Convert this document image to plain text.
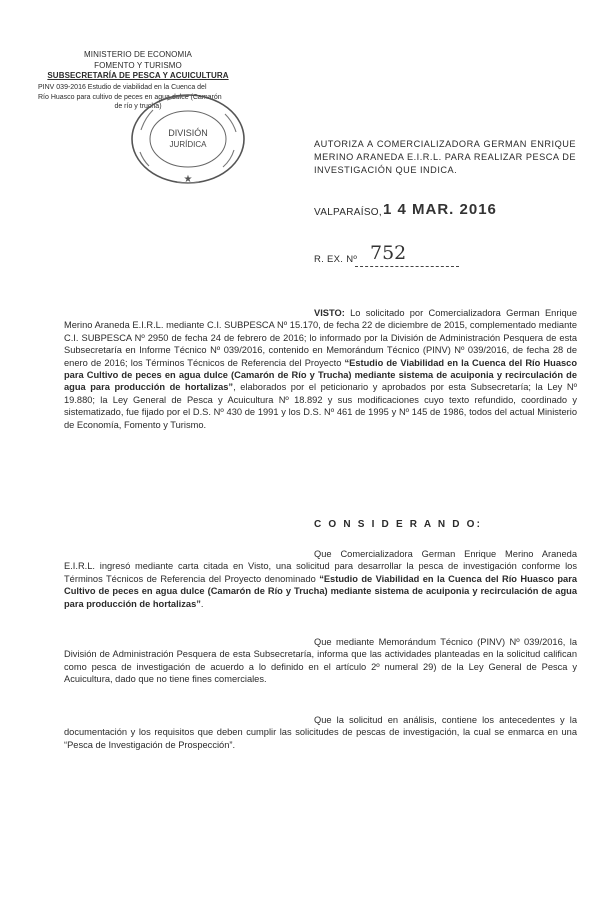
MINISTERIO DE ECONOMIA
FOMENTO Y TURISMO
SUBSECRETARÍA DE PESCA Y ACUICULTURA
PINV 039-2016 Estudio de viabilidad en la Cuenca del
Río Huasco para cultivo de peces en agua dulce (Camarón
de río y trucha)
★
DIVISIÓN
JURÍDICA	AUTORIZA A COMERCIALIZADORA GERMAN ENRIQUE MERINO ARANEDA E.I.R.L. PARA REALIZAR PESCA DE INVESTIGACIÓN QUE INDICA.
VALPARAÍSO, 1 4 MAR. 2016
R. EX. Nº 752
VISTO: Lo solicitado por Comercializadora German Enrique Merino Araneda E.I.R.L. mediante C.I. SUBPESCA Nº 15.170, de fecha 22 de diciembre de 2015, complementado mediante C.I. SUBPESCA Nº 2950 de fecha 24 de febrero de 2016; lo informado por la División de Administración Pesquera de esta Subsecretaría en Informe Técnico Nº 039/2016, contenido en Memorándum Técnico (PINV) Nº 039/2016, de fecha 28 de enero de 2016; los Términos Técnicos de Referencia del Proyecto “Estudio de Viabilidad en la Cuenca del Río Huasco para Cultivo de peces en agua dulce (Camarón de Río y Trucha) mediante sistema de acuiponia y recirculación de agua para producción de hortalizas”, elaborados por el peticionario y aprobados por esta Subsecretaría; la Ley Nº 19.880; la Ley General de Pesca y Acuicultura Nº 18.892 y sus modificaciones cuyo texto refundido, coordinado y sistematizado, fue fijado por el D.S. Nº 430 de 1991 y los D.S. Nº 461 de 1995 y Nº 145 de 1986, todos del actual Ministerio de Economía, Fomento y Turismo.
C O N S I D E R A N D O:
Que Comercializadora German Enrique Merino Araneda E.I.R.L. ingresó mediante carta citada en Visto, una solicitud para desarrollar la pesca de investigación conforme los Términos Técnicos de Referencia del Proyecto denominado “Estudio de Viabilidad en la Cuenca del Río Huasco para Cultivo de peces en agua dulce (Camarón de Río y Trucha) mediante sistema de acuiponia y recirculación de agua para producción de hortalizas”.
Que mediante Memorándum Técnico (PINV) Nº 039/2016, la División de Administración Pesquera de esta Subsecretaría, informa que las actividades planteadas en la solicitud califican como pesca de investigación de acuerdo a lo definido en el artículo 2º numeral 29) de la Ley General de Pesca y Acuicultura, dado que no tiene fines comerciales.
Que la solicitud en análisis, contiene los antecedentes y la documentación y los requisitos que deben cumplir las solicitudes de pescas de investigación, la cual se enmarca en una “Pesca de Investigación de Prospección”.
